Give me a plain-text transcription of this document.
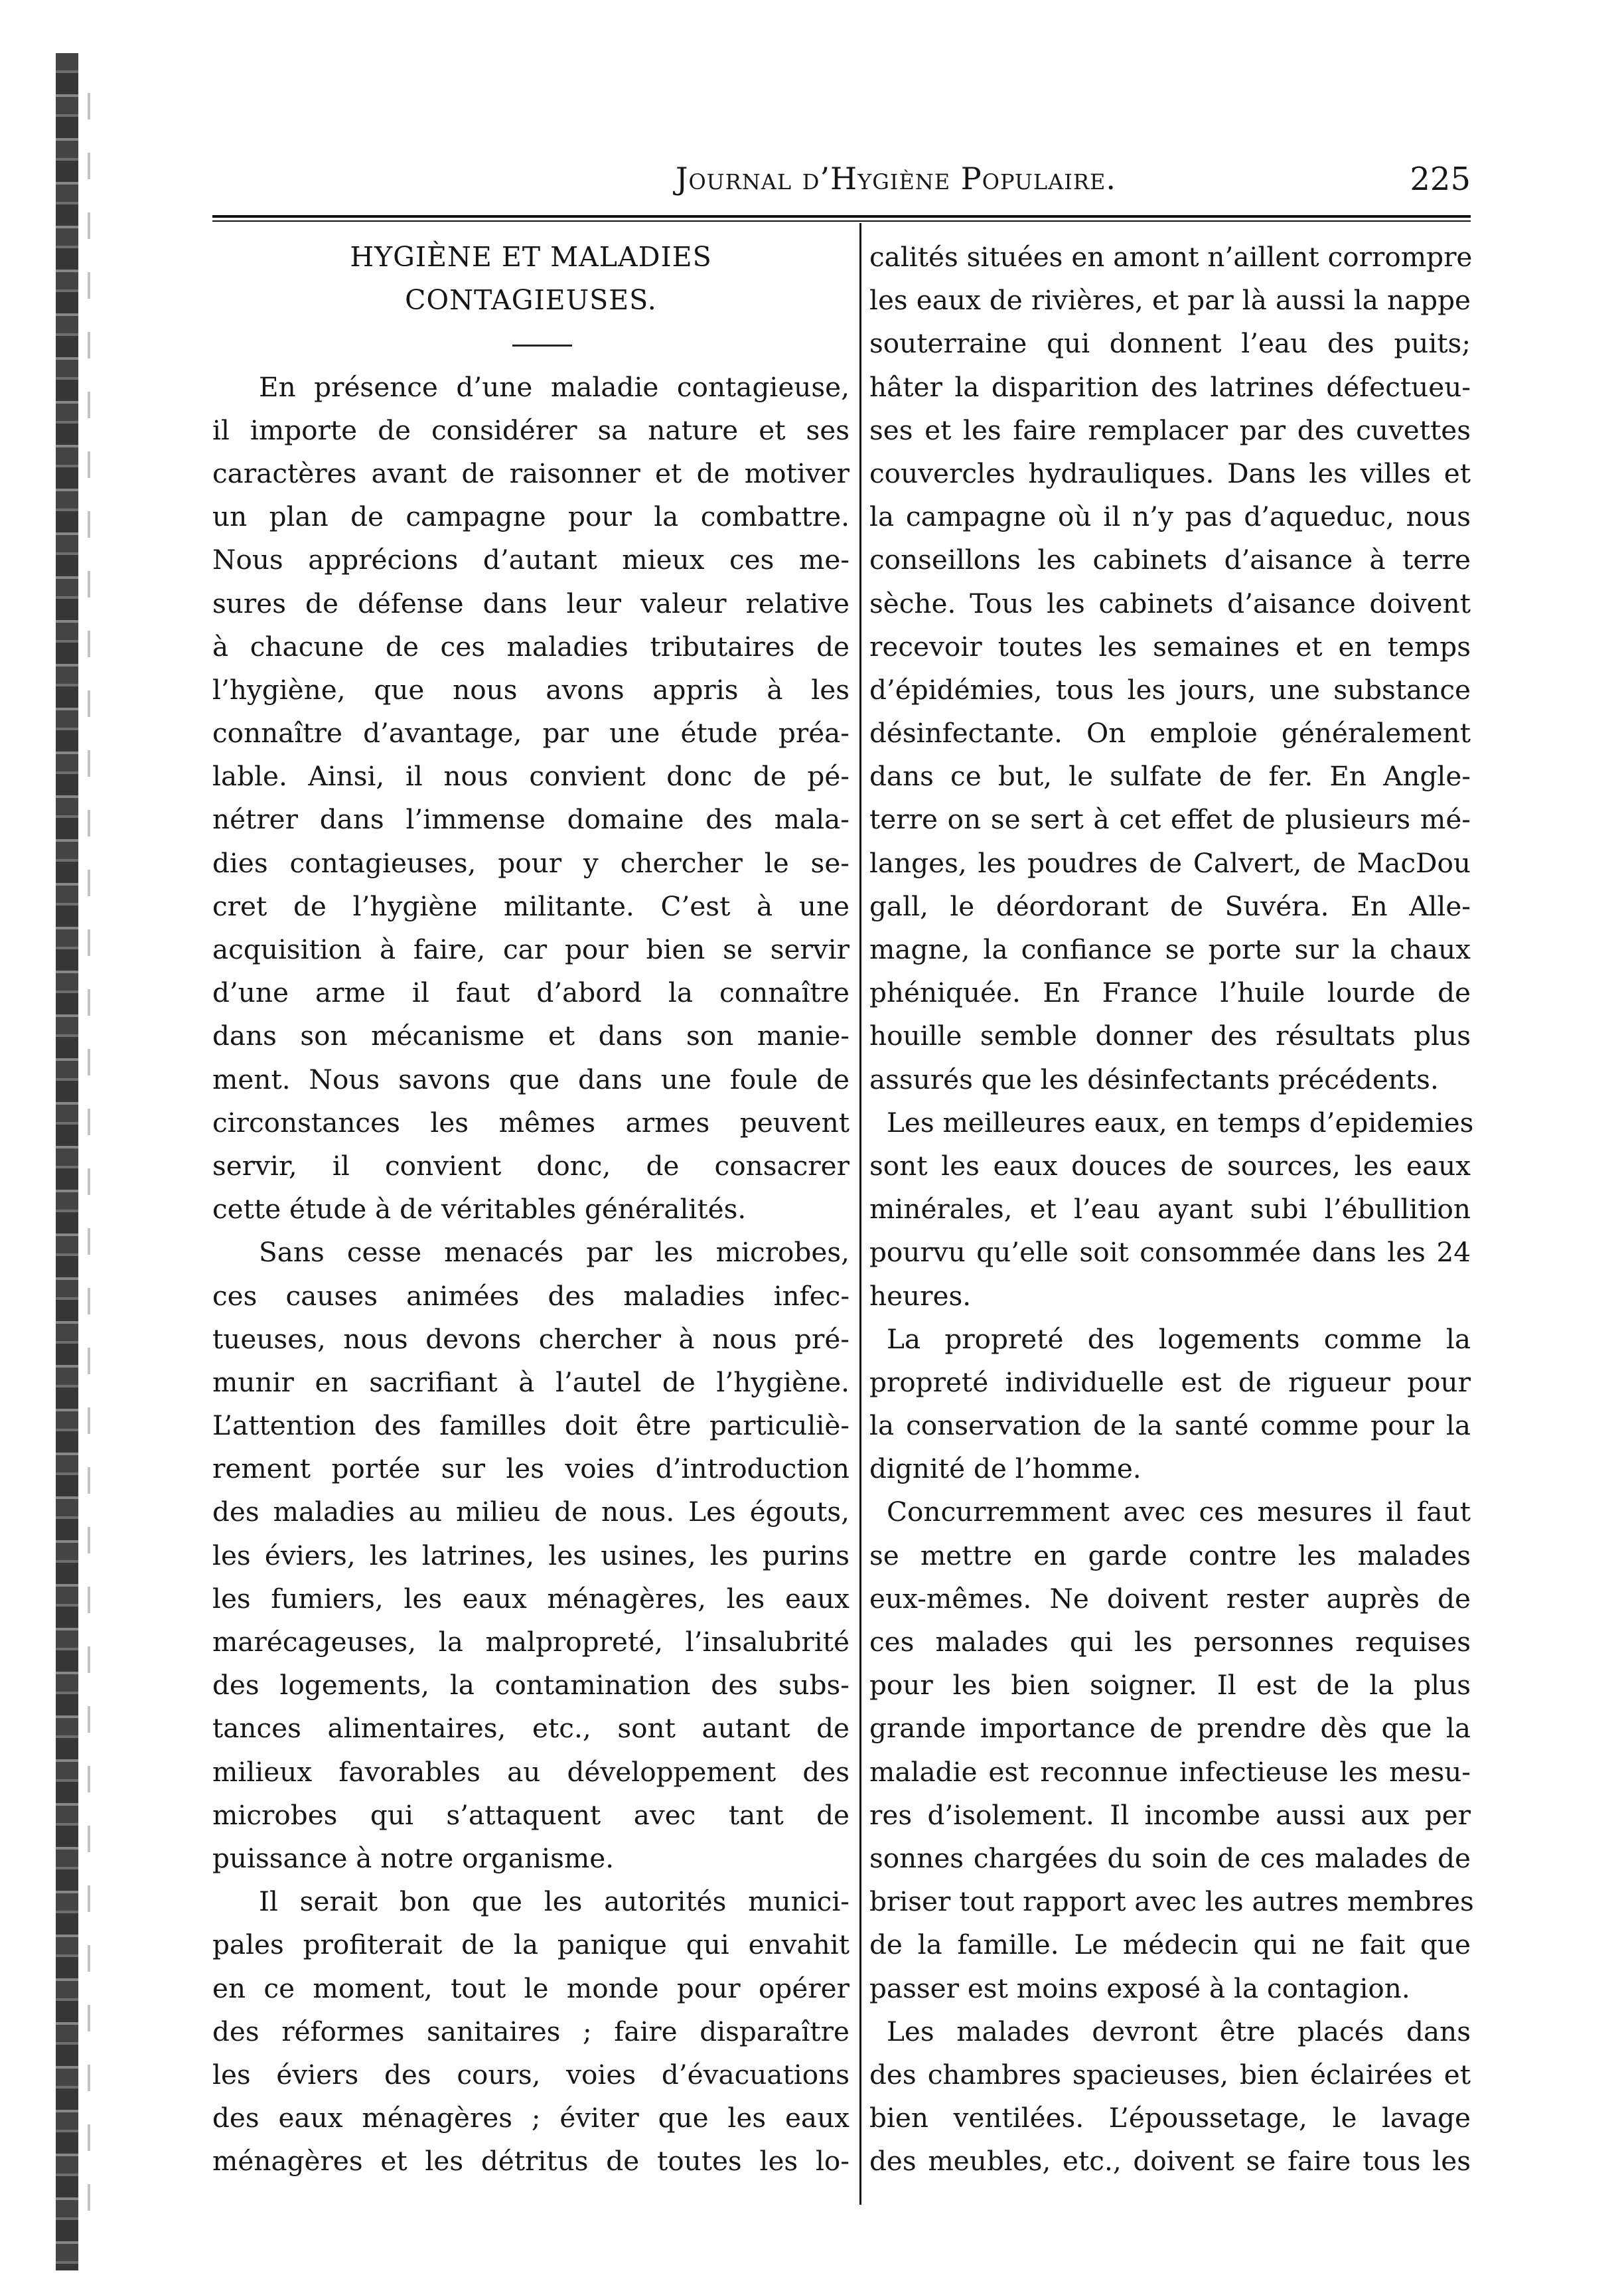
Journal d’Hygiène Populaire.	225
HYGIÈNE ET MALADIES
CONTAGIEUSES.
En présence d’une maladie contagieuse,
il importe de considérer sa nature et ses
caractères avant de raisonner et de motiver
un plan de campagne pour la combattre.
Nous apprécions d’autant mieux ces me-
sures de défense dans leur valeur relative
à chacune de ces maladies tributaires de
l’hygiène, que nous avons appris à les
connaître d’avantage, par une étude préa-
lable. Ainsi, il nous convient donc de pé-
nétrer dans l’immense domaine des mala-
dies contagieuses, pour y chercher le se-
cret de l’hygiène militante. C’est à une
acquisition à faire, car pour bien se servir
d’une arme il faut d’abord la connaître
dans son mécanisme et dans son manie-
ment. Nous savons que dans une foule de
circonstances les mêmes armes peuvent
servir, il convient donc, de consacrer
cette étude à de véritables généralités.
Sans cesse menacés par les microbes,
ces causes animées des maladies infec-
tueuses, nous devons chercher à nous pré-
munir en sacrifiant à l’autel de l’hygiène.
L’attention des familles doit être particuliè-
rement portée sur les voies d’introduction
des maladies au milieu de nous. Les égouts,
les éviers, les latrines, les usines, les purins
les fumiers, les eaux ménagères, les eaux
marécageuses, la malpropreté, l’insalubrité
des logements, la contamination des subs-
tances alimentaires, etc., sont autant de
milieux favorables au développement des
microbes qui s’attaquent avec tant de
puissance à notre organisme.
Il serait bon que les autorités munici-
pales profiterait de la panique qui envahit
en ce moment, tout le monde pour opérer
des réformes sanitaires ; faire disparaître
les éviers des cours, voies d’évacuations
des eaux ménagères ; éviter que les eaux
ménagères et les détritus de toutes les lo-
calités situées en amont n’aillent corrompre
les eaux de rivières, et par là aussi la nappe
souterraine qui donnent l’eau des puits;
hâter la disparition des latrines défectueu-
ses et les faire remplacer par des cuvettes
couvercles hydrauliques. Dans les villes et
la campagne où il n’y pas d’aqueduc, nous
conseillons les cabinets d’aisance à terre
sèche. Tous les cabinets d’aisance doivent
recevoir toutes les semaines et en temps
d’épidémies, tous les jours, une substance
désinfectante. On emploie généralement
dans ce but, le sulfate de fer. En Angle-
terre on se sert à cet effet de plusieurs mé-
langes, les poudres de Calvert, de MacDou
gall, le déordorant de Suvéra. En Alle-
magne, la confiance se porte sur la chaux
phéniquée. En France l’huile lourde de
houille semble donner des résultats plus
assurés que les désinfectants précédents.
Les meilleures eaux, en temps d’epidemies
sont les eaux douces de sources, les eaux
minérales, et l’eau ayant subi l’ébullition
pourvu qu’elle soit consommée dans les 24
heures.
La propreté des logements comme la
propreté individuelle est de rigueur pour
la conservation de la santé comme pour la
dignité de l’homme.
Concurremment avec ces mesures il faut
se mettre en garde contre les malades
eux-mêmes. Ne doivent rester auprès de
ces malades qui les personnes requises
pour les bien soigner. Il est de la plus
grande importance de prendre dès que la
maladie est reconnue infectieuse les mesu-
res d’isolement. Il incombe aussi aux per
sonnes chargées du soin de ces malades de
briser tout rapport avec les autres membres
de la famille. Le médecin qui ne fait que
passer est moins exposé à la contagion.
Les malades devront être placés dans
des chambres spacieuses, bien éclairées et
bien ventilées. L’époussetage, le lavage
des meubles, etc., doivent se faire tous les
